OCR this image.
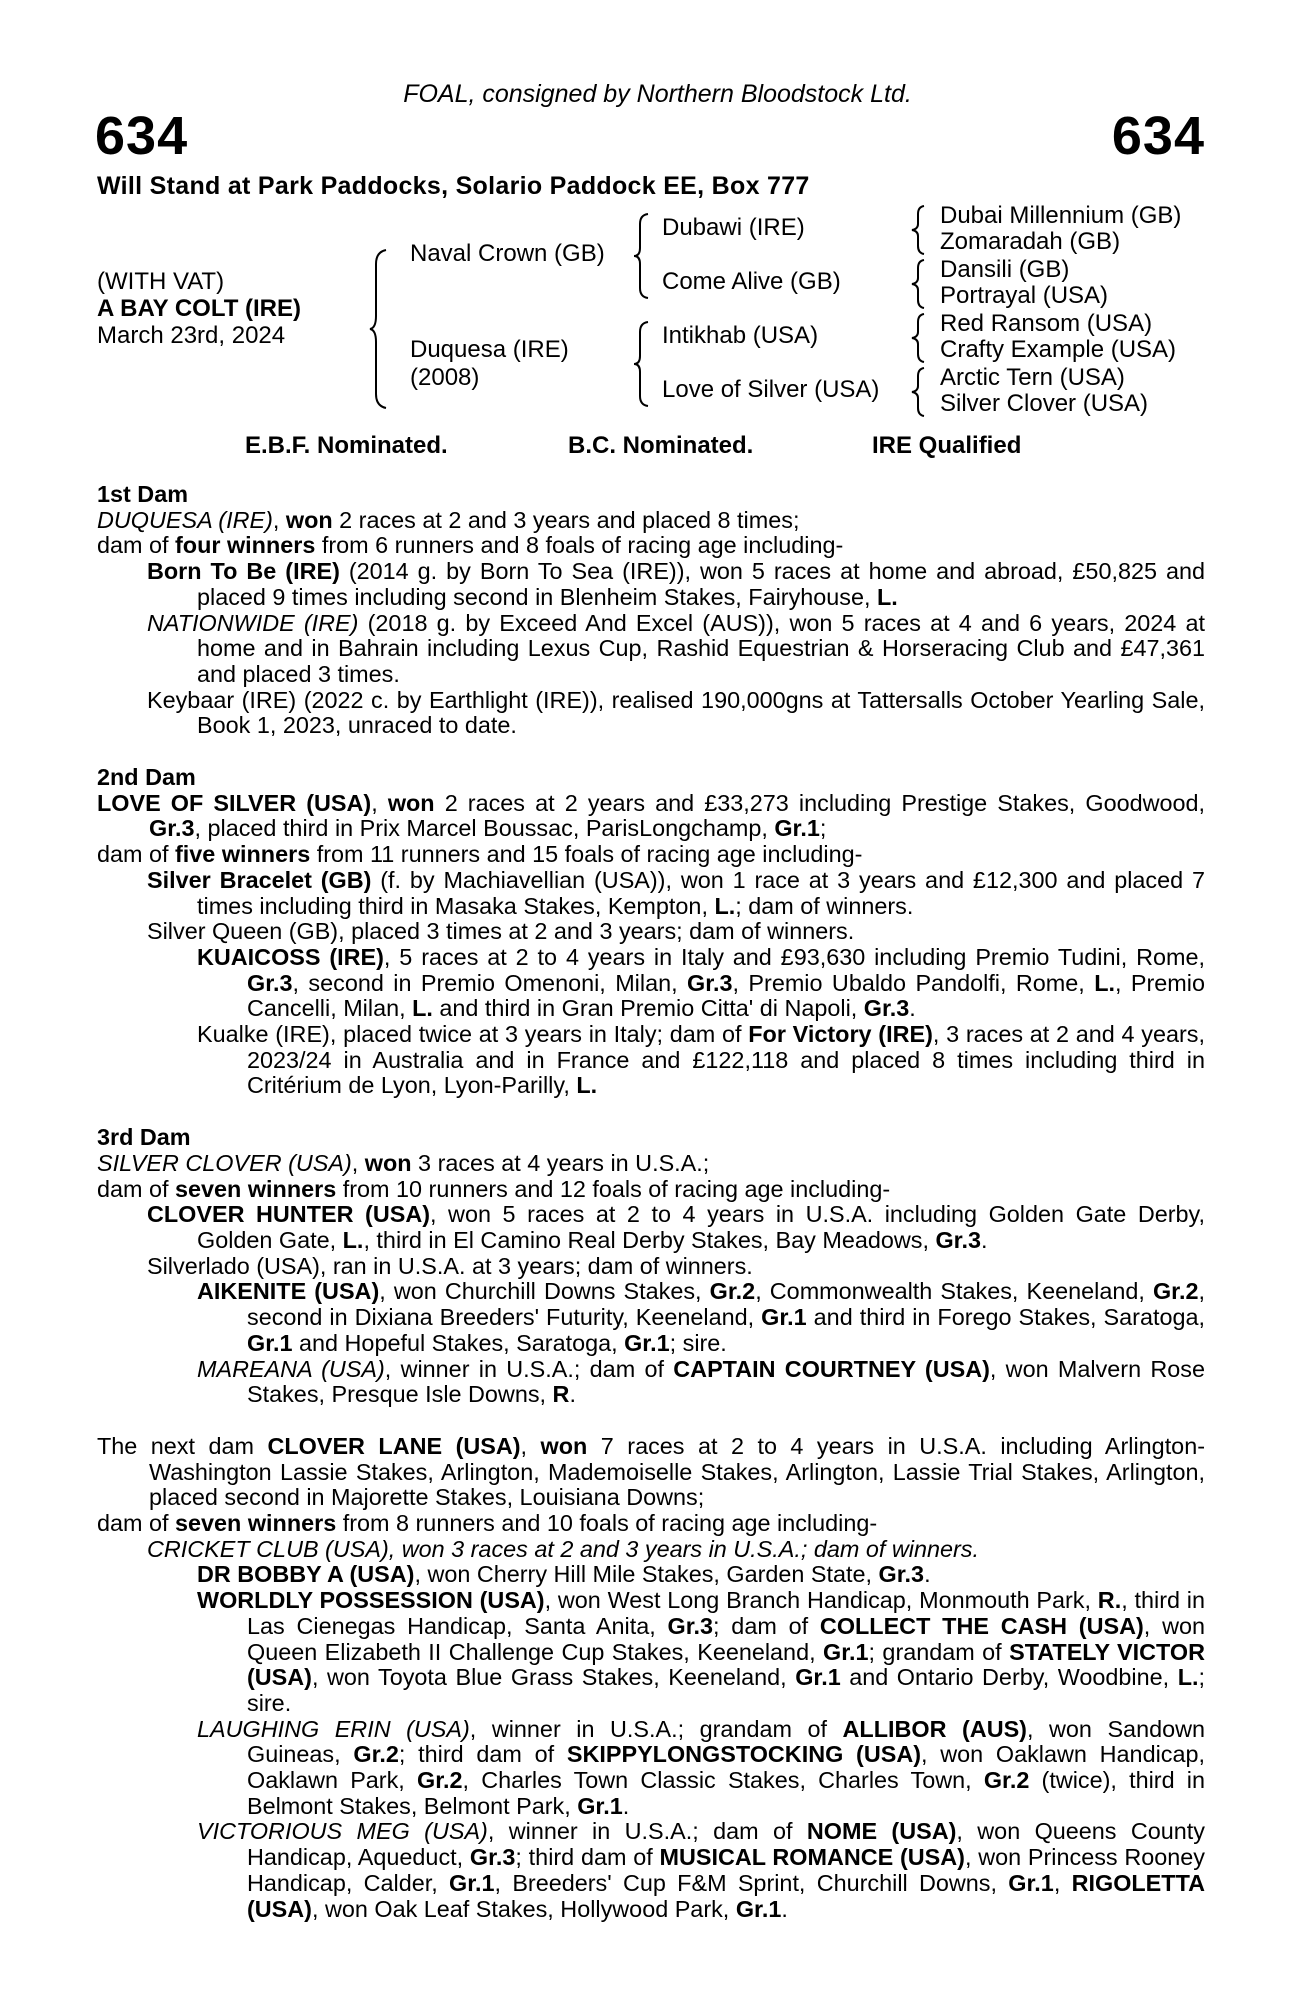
FOAL, consigned by Northern Bloodstock Ltd.
634	634
Will Stand at Park Paddocks, Solario Paddock EE, Box 777
(WITH VAT)
A BAY COLT (IRE)
March 23rd, 2024
Naval Crown (GB)
Duquesa (IRE)
(2008)
Dubawi (IRE)
Come Alive (GB)
Intikhab (USA)
Love of Silver (USA)
Dubai Millennium (GB)
Zomaradah (GB)
Dansili (GB)
Portrayal (USA)
Red Ransom (USA)
Crafty Example (USA)
Arctic Tern (USA)
Silver Clover (USA)
E.B.F. Nominated.	B.C. Nominated.	IRE Qualified
1st Dam
DUQUESA (IRE), won 2 races at 2 and 3 years and placed 8 times;
dam of four winners from 6 runners and 8 foals of racing age including-
Born To Be (IRE) (2014 g. by Born To Sea (IRE)), won 5 races at home and abroad, £50,825 and placed 9 times including second in Blenheim Stakes, Fairyhouse, L.
NATIONWIDE (IRE) (2018 g. by Exceed And Excel (AUS)), won 5 races at 4 and 6 years, 2024 at home and in Bahrain including Lexus Cup, Rashid Equestrian & Horseracing Club and £47,361 and placed 3 times.
Keybaar (IRE) (2022 c. by Earthlight (IRE)), realised 190,000gns at Tattersalls October Yearling Sale, Book 1, 2023, unraced to date.
2nd Dam
LOVE OF SILVER (USA), won 2 races at 2 years and £33,273 including Prestige Stakes, Goodwood, Gr.3, placed third in Prix Marcel Boussac, ParisLongchamp, Gr.1;
dam of five winners from 11 runners and 15 foals of racing age including-
Silver Bracelet (GB) (f. by Machiavellian (USA)), won 1 race at 3 years and £12,300 and placed 7 times including third in Masaka Stakes, Kempton, L.; dam of winners.
Silver Queen (GB), placed 3 times at 2 and 3 years; dam of winners.
KUAICOSS (IRE), 5 races at 2 to 4 years in Italy and £93,630 including Premio Tudini, Rome, Gr.3, second in Premio Omenoni, Milan, Gr.3, Premio Ubaldo Pandolfi, Rome, L., Premio Cancelli, Milan, L. and third in Gran Premio Citta' di Napoli, Gr.3.
Kualke (IRE), placed twice at 3 years in Italy; dam of For Victory (IRE), 3 races at 2 and 4 years, 2023/24 in Australia and in France and £122,118 and placed 8 times including third in Critérium de Lyon, Lyon-Parilly, L.
3rd Dam
SILVER CLOVER (USA), won 3 races at 4 years in U.S.A.;
dam of seven winners from 10 runners and 12 foals of racing age including-
CLOVER HUNTER (USA), won 5 races at 2 to 4 years in U.S.A. including Golden Gate Derby, Golden Gate, L., third in El Camino Real Derby Stakes, Bay Meadows, Gr.3.
Silverlado (USA), ran in U.S.A. at 3 years; dam of winners.
AIKENITE (USA), won Churchill Downs Stakes, Gr.2, Commonwealth Stakes, Keeneland, Gr.2, second in Dixiana Breeders' Futurity, Keeneland, Gr.1 and third in Forego Stakes, Saratoga, Gr.1 and Hopeful Stakes, Saratoga, Gr.1; sire.
MAREANA (USA), winner in U.S.A.; dam of CAPTAIN COURTNEY (USA), won Malvern Rose Stakes, Presque Isle Downs, R.
The next dam CLOVER LANE (USA), won 7 races at 2 to 4 years in U.S.A. including Arlington-Washington Lassie Stakes, Arlington, Mademoiselle Stakes, Arlington, Lassie Trial Stakes, Arlington, placed second in Majorette Stakes, Louisiana Downs;
dam of seven winners from 8 runners and 10 foals of racing age including-
CRICKET CLUB (USA), won 3 races at 2 and 3 years in U.S.A.; dam of winners.
DR BOBBY A (USA), won Cherry Hill Mile Stakes, Garden State, Gr.3.
WORLDLY POSSESSION (USA), won West Long Branch Handicap, Monmouth Park, R., third in Las Cienegas Handicap, Santa Anita, Gr.3; dam of COLLECT THE CASH (USA), won Queen Elizabeth II Challenge Cup Stakes, Keeneland, Gr.1; grandam of STATELY VICTOR (USA), won Toyota Blue Grass Stakes, Keeneland, Gr.1 and Ontario Derby, Woodbine, L.; sire.
LAUGHING ERIN (USA), winner in U.S.A.; grandam of ALLIBOR (AUS), won Sandown Guineas, Gr.2; third dam of SKIPPYLONGSTOCKING (USA), won Oaklawn Handicap, Oaklawn Park, Gr.2, Charles Town Classic Stakes, Charles Town, Gr.2 (twice), third in Belmont Stakes, Belmont Park, Gr.1.
VICTORIOUS MEG (USA), winner in U.S.A.; dam of NOME (USA), won Queens County Handicap, Aqueduct, Gr.3; third dam of MUSICAL ROMANCE (USA), won Princess Rooney Handicap, Calder, Gr.1, Breeders' Cup F&M Sprint, Churchill Downs, Gr.1, RIGOLETTA (USA), won Oak Leaf Stakes, Hollywood Park, Gr.1.
